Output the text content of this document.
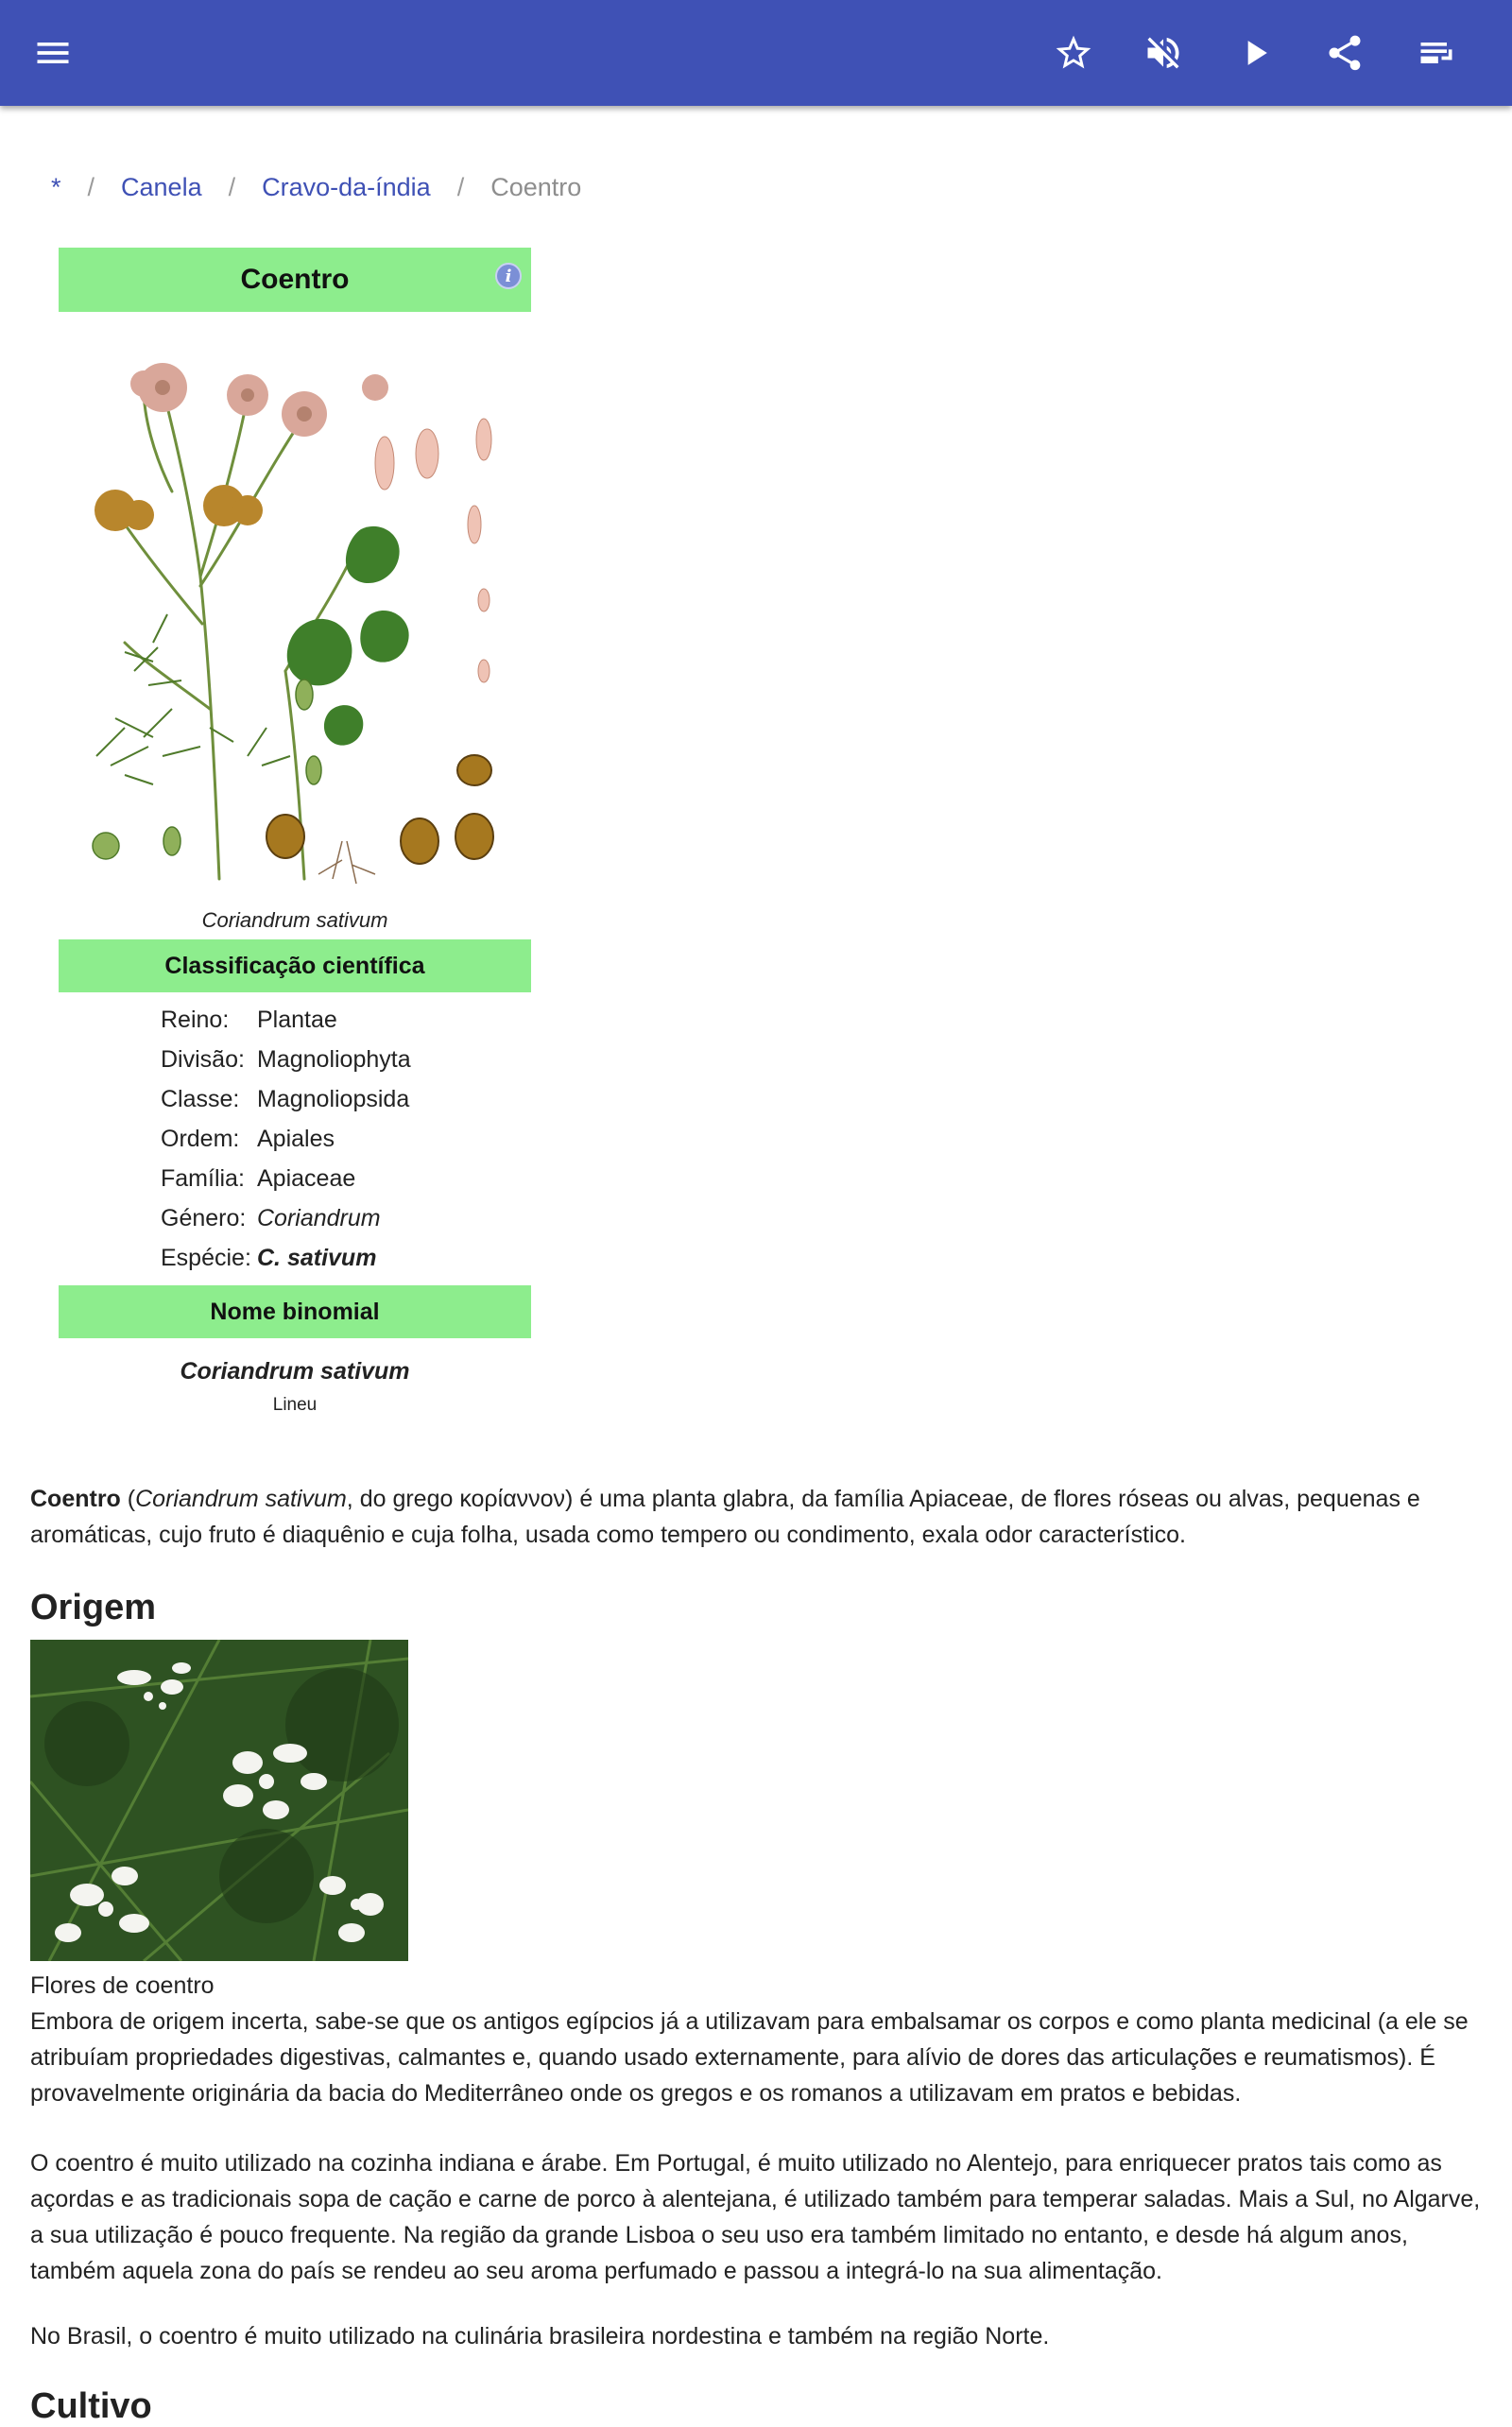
* / Canela / Cravo-da-índia / Coentro
Coentro	i
Coriandrum sativum
Classificação científica
Reino:	Plantae
Divisão: Magnoliophyta
Classe: Magnoliopsida
Ordem: Apiales
Família: Apiaceae
Género: Coriandrum
Espécie: C. sativum
Nome binomial
Coriandrum sativum
Lineu
Coentro (Coriandrum sativum, do grego κορίαννον) é uma planta glabra, da família Apiaceae, de flores róseas ou alvas, pequenas e aromáticas, cujo fruto é diaquênio e cuja folha, usada como tempero ou condimento, exala odor característico.
Origem
Flores de coentro
Embora de origem incerta, sabe-se que os antigos egípcios já a utilizavam para embalsamar os corpos e como planta medicinal (a ele se atribuíam propriedades digestivas, calmantes e, quando usado externamente, para alívio de dores das articulações e reumatismos). É provavelmente originária da bacia do Mediterrâneo onde os gregos e os romanos a utilizavam em pratos e bebidas.
O coentro é muito utilizado na cozinha indiana e árabe. Em Portugal, é muito utilizado no Alentejo, para enriquecer pratos tais como as açordas e as tradicionais sopa de cação e carne de porco à alentejana, é utilizado também para temperar saladas. Mais a Sul, no Algarve, a sua utilização é pouco frequente. Na região da grande Lisboa o seu uso era também limitado no entanto, e desde há algum anos, também aquela zona do país se rendeu ao seu aroma perfumado e passou a integrá-lo na sua alimentação.
No Brasil, o coentro é muito utilizado na culinária brasileira nordestina e também na região Norte.
Cultivo
